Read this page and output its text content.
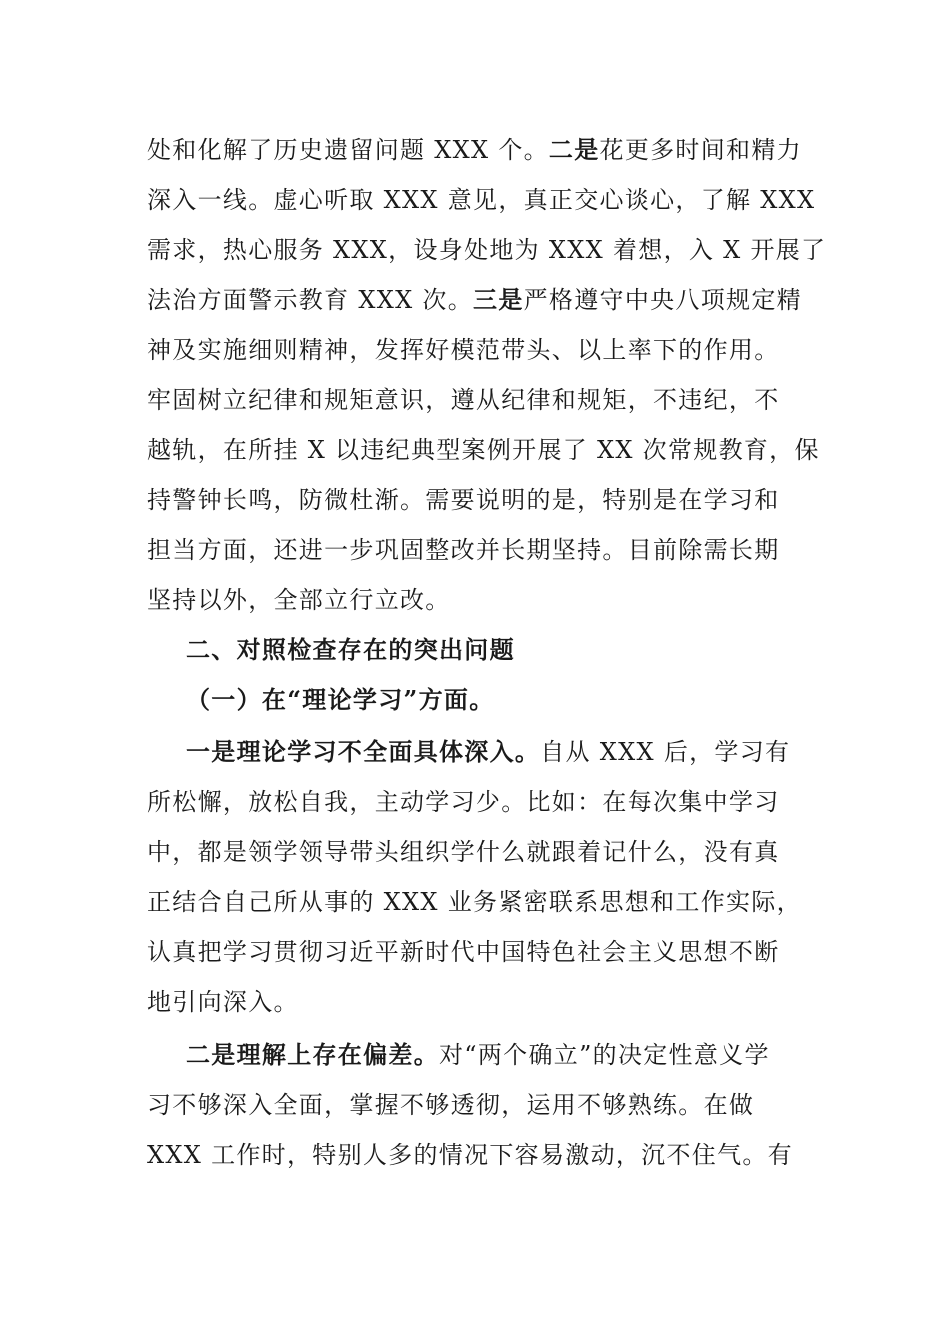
处和化解了历史遗留问题 XXX 个。二是花更多时间和精力
深入一线。虚心听取 XXX 意见，真正交心谈心，了解 XXX
需求，热心服务 XXX，设身处地为 XXX 着想，入 X 开展了
法治方面警示教育 XXX 次。三是严格遵守中央八项规定精
神及实施细则精神，发挥好模范带头、以上率下的作用。
牢固树立纪律和规矩意识，遵从纪律和规矩，不违纪，不
越轨，在所挂 X 以违纪典型案例开展了 XX 次常规教育，保
持警钟长鸣，防微杜渐。需要说明的是，特别是在学习和
担当方面，还进一步巩固整改并长期坚持。目前除需长期
坚持以外，全部立行立改。
二、对照检查存在的突出问题
（一）在“理论学习”方面。
一是理论学习不全面具体深入。自从 XXX 后，学习有
所松懈，放松自我，主动学习少。比如：在每次集中学习
中，都是领学领导带头组织学什么就跟着记什么，没有真
正结合自己所从事的 XXX 业务紧密联系思想和工作实际，
认真把学习贯彻习近平新时代中国特色社会主义思想不断
地引向深入。
二是理解上存在偏差。对“两个确立”的决定性意义学
习不够深入全面，掌握不够透彻，运用不够熟练。在做
XXX 工作时，特别人多的情况下容易激动，沉不住气。有
